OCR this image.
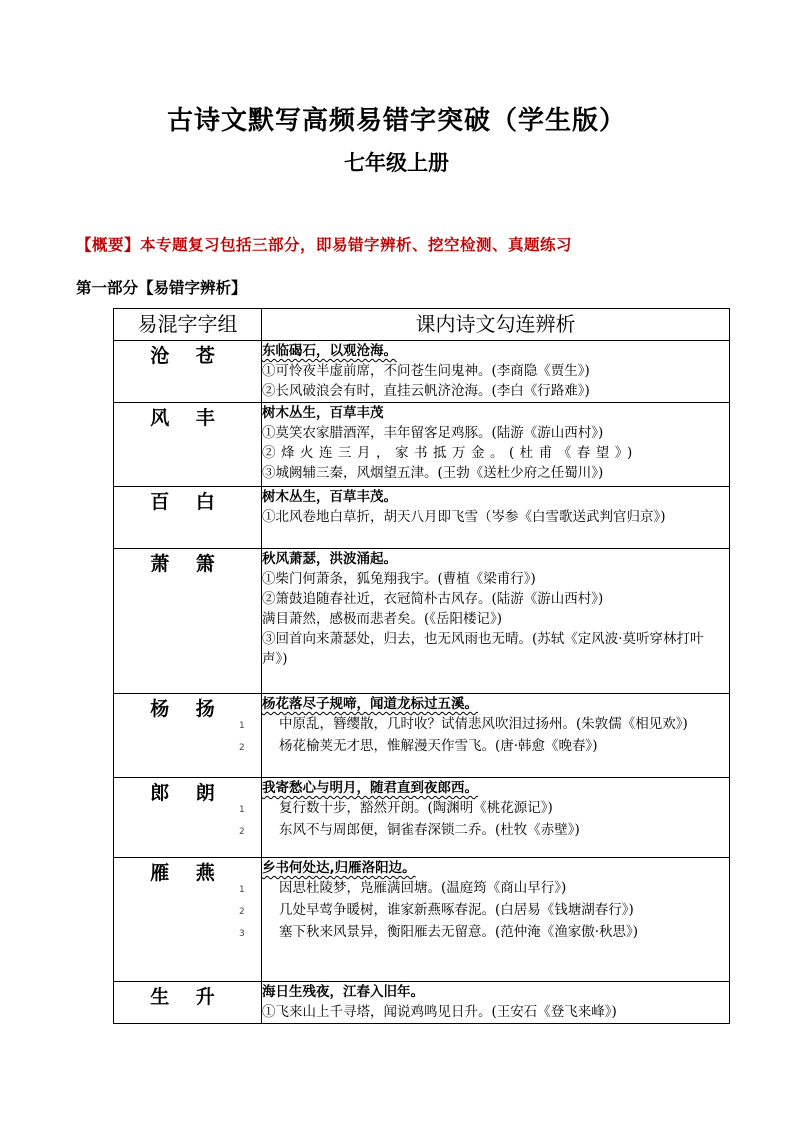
古诗文默写高频易错字突破（学生版）
七年级上册
【概要】本专题复习包括三部分，即易错字辨析、挖空检测、真题练习
第一部分【易错字辨析】
易混字字组	课内诗文勾连辨析
沧 苍	东临碣石，以观沧海。
①可怜夜半虚前席，不问苍生问鬼神。(李商隐《贾生》)
②长风破浪会有时，直挂云帆济沧海。(李白《行路难》)

风 丰	树木丛生，百草丰茂
①莫笑农家腊酒浑，丰年留客足鸡豚。(陆游《游山西村》)
②烽火连三月，家书抵万金。(杜甫《春望》)
③城阙辅三秦，风烟望五津。(王勃《送杜少府之任蜀川》)

百 白	树木丛生，百草丰茂。
①北风卷地白草折，胡天八月即飞雪（岑参《白雪歌送武判官归京》)

萧 箫	秋风萧瑟，洪波涌起。
①柴门何萧条，狐兔翔我宇。(曹植《梁甫行》)
②箫鼓追随春社近，衣冠简朴古风存。(陆游《游山西村》)
满目萧然，感极而悲者矣。(《岳阳楼记》)
③回首向来萧瑟处，归去，也无风雨也无晴。(苏轼《定风波·莫听穿林打叶声》)

杨 扬	杨花落尽子规啼，闻道龙标过五溪。
1 中原乱，簪缨散，几时收？试倩悲风吹泪过扬州。(朱敦儒《相见欢》)
2 杨花榆荚无才思，惟解漫天作雪飞。(唐·韩愈《晚春》)

郎 朗	我寄愁心与明月，随君直到夜郎西。
1 复行数十步，豁然开朗。(陶渊明《桃花源记》)
2 东风不与周郎便，铜雀春深锁二乔。(杜牧《赤壁》)

雁 燕	乡书何处达,归雁洛阳边。
1 因思杜陵梦，凫雁满回塘。(温庭筠《商山早行》)
2 几处早莺争暖树，谁家新燕啄春泥。(白居易《钱塘湖春行》)
3 塞下秋来风景异，衡阳雁去无留意。(范仲淹《渔家傲·秋思》)

生 升	海日生残夜，江春入旧年。
①飞来山上千寻塔，闻说鸡鸣见日升。(王安石《登飞来峰》)
